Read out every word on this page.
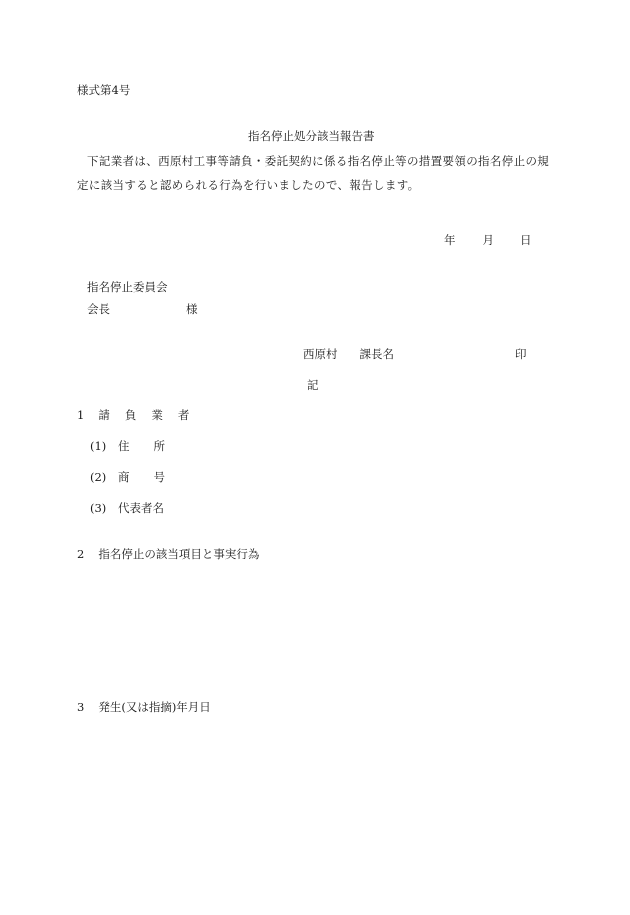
様式第4号
指名停止処分該当報告書
下記業者は、西原村工事等請負・委託契約に係る指名停止等の措置要領の指名停止の規
定に該当すると認められる行為を行いましたので、報告します。
年 月 日
指名停止委員会
会長	様
西原村 課長名	印
記
1 請負業者
(1) 住所
(2) 商号
(3) 代表者名
2 指名停止の該当項目と事実行為
3 発生(又は指摘)年月日
